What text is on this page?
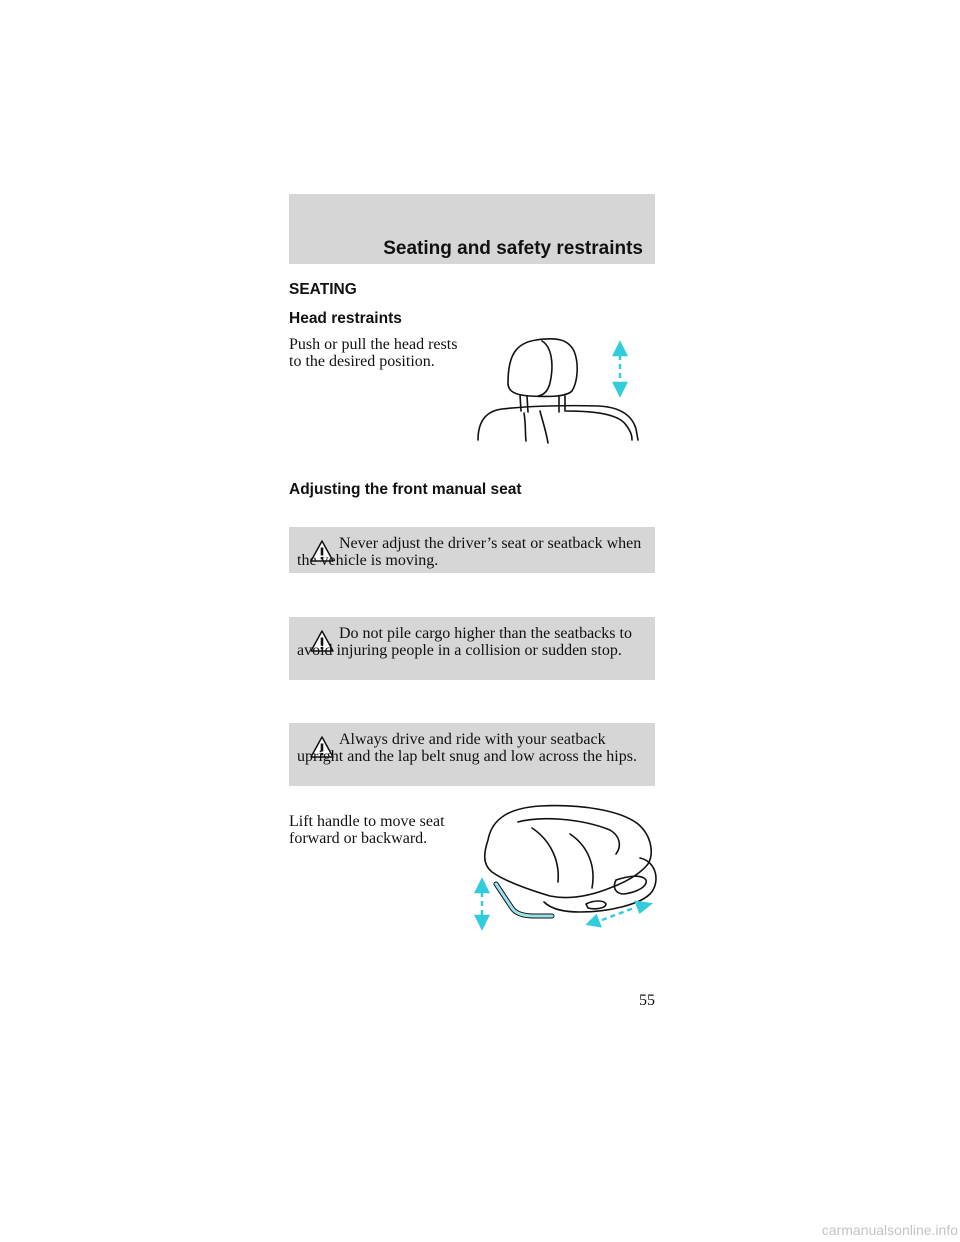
Seating and safety restraints
SEATING
Head restraints
Push or pull the head rests to the desired position.
Adjusting the front manual seat
Never adjust the driver’s seat or seatback when the vehicle is moving.
Do not pile cargo higher than the seatbacks to avoid injuring people in a collision or sudden stop.
Always drive and ride with your seatback upright and the lap belt snug and low across the hips.
Lift handle to move seat forward or backward.
55
carmanualsonline.info
